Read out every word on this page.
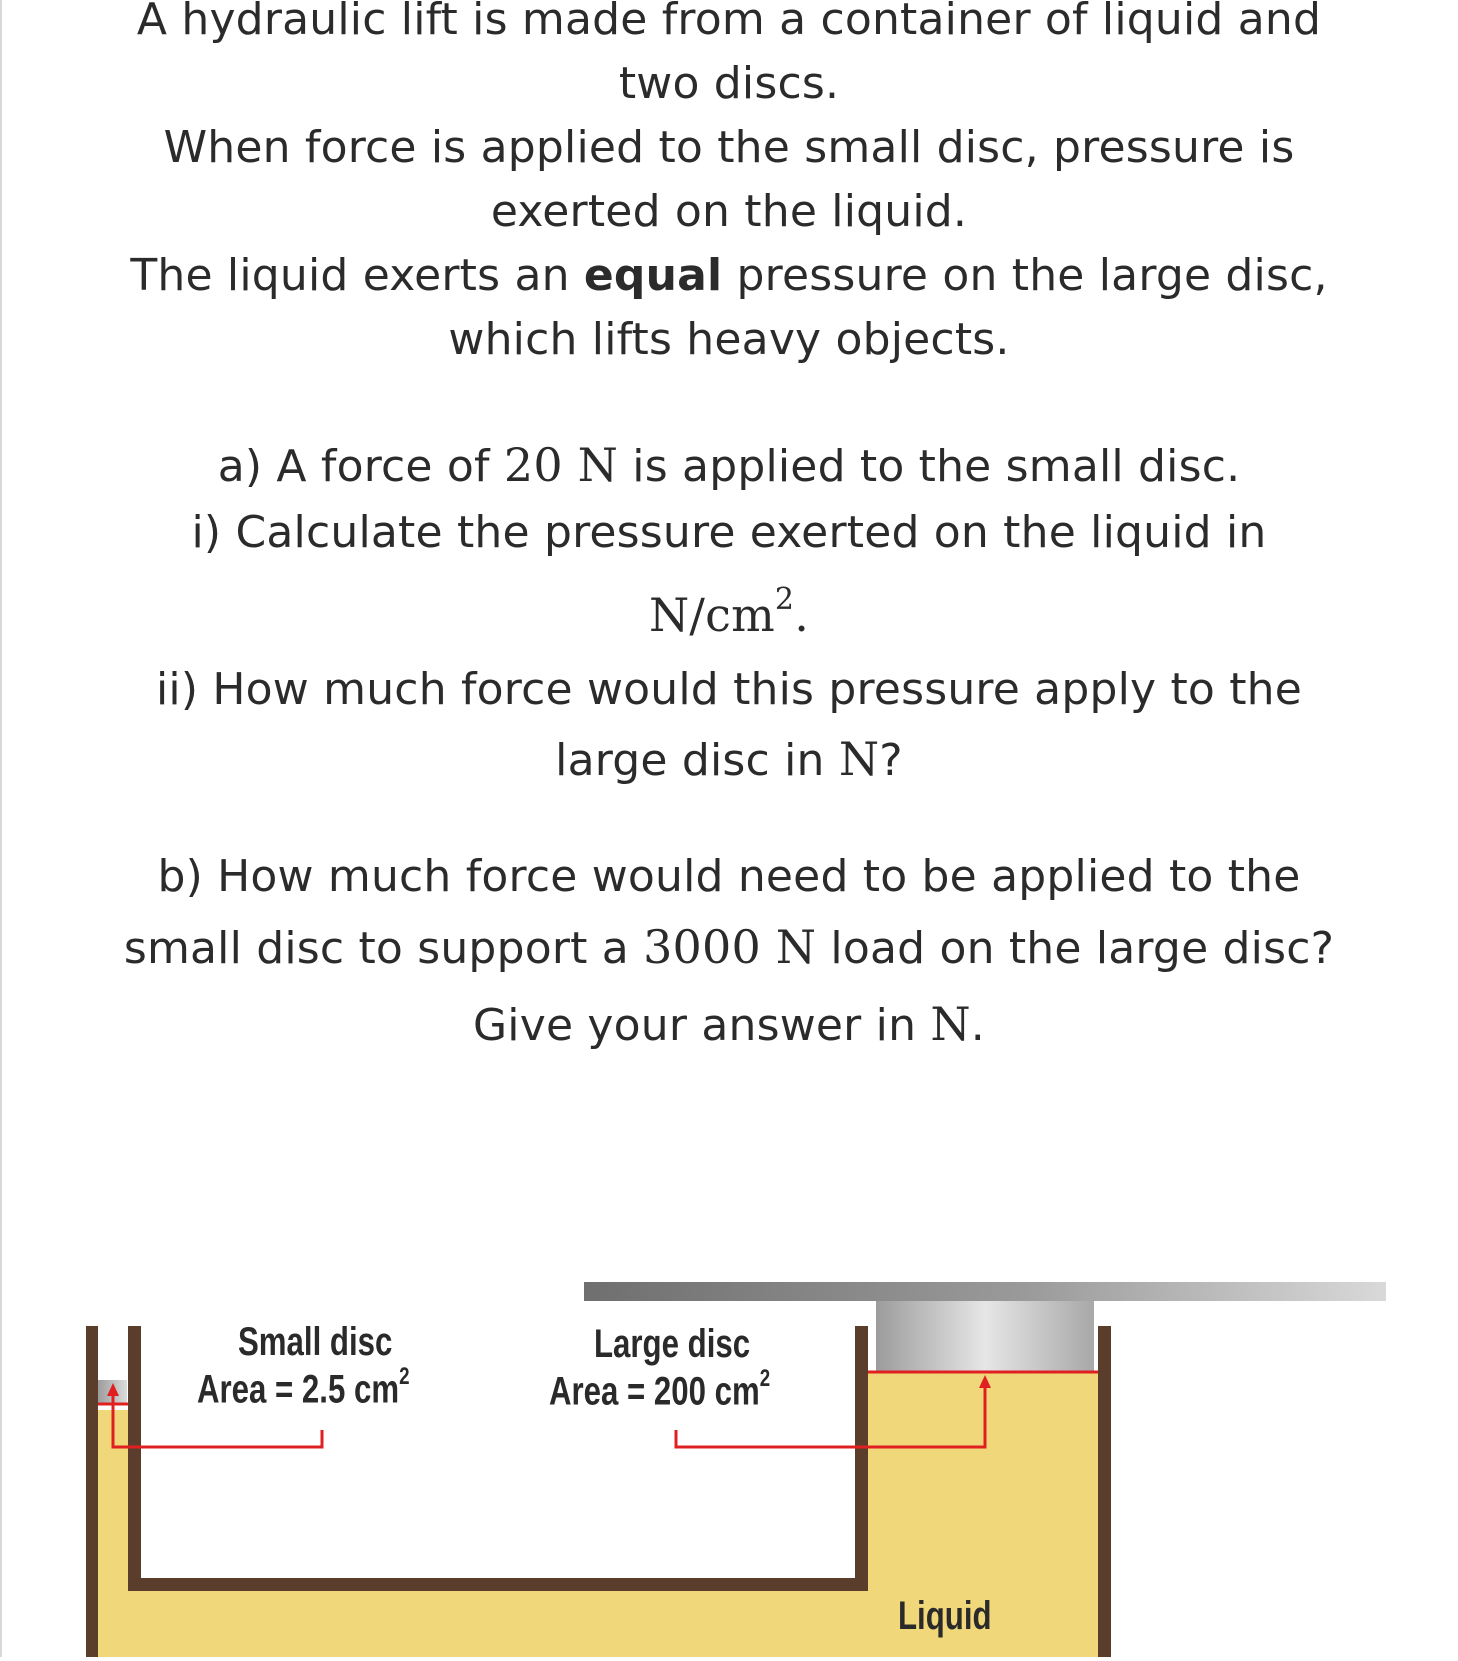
A hydraulic lift is made from a container of liquid and
two discs.
When force is applied to the small disc, pressure is
exerted on the liquid.
The liquid exerts an equal pressure on the large disc,
which lifts heavy objects.
a) A force of 20 N is applied to the small disc.
i) Calculate the pressure exerted on the liquid in
$N/cm^2$.
ii) How much force would this pressure apply to the
large disc in N?
b) How much force would need to be applied to the
small disc to support a 3000 N load on the large disc?
Give your answer in N.
Small disc
Area = 2.5 $cm^2$
Large disc
Area = 200 $cm^2$
Liquid
